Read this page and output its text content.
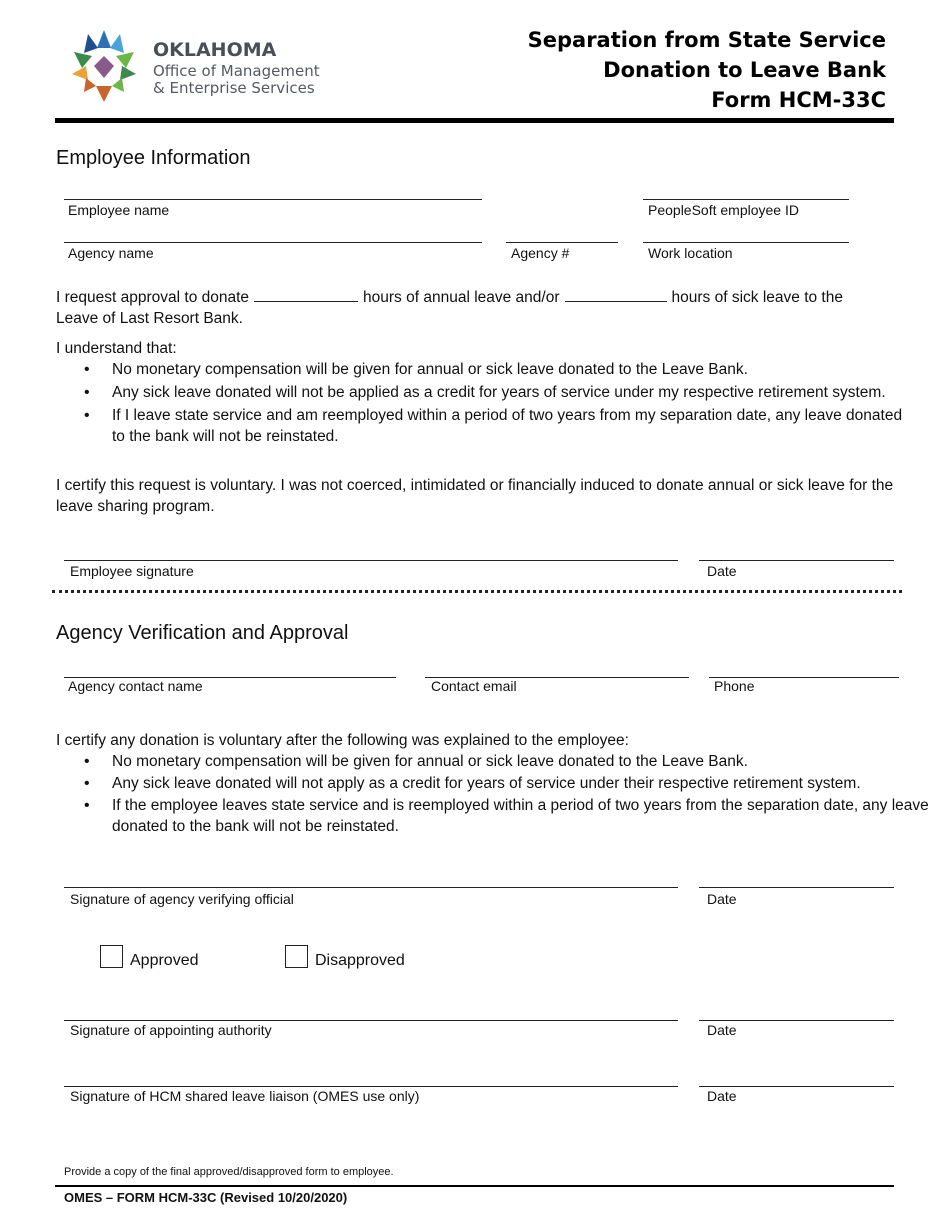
OKLAHOMA
Office of Management
& Enterprise Services
Separation from State Service
Donation to Leave Bank
Form HCM-33C
Employee Information
Employee name	PeopleSoft employee ID
Agency name	Agency #	Work location
I request approval to donate	hours of annual leave and/or	hours of sick leave to the
Leave of Last Resort Bank.
I understand that:
• No monetary compensation will be given for annual or sick leave donated to the Leave Bank.
• Any sick leave donated will not be applied as a credit for years of service under my respective retirement system.
• If I leave state service and am reemployed within a period of two years from my separation date, any leave donated to the bank will not be reinstated.
I certify this request is voluntary. I was not coerced, intimidated or financially induced to donate annual or sick leave for the leave sharing program.
Employee signature	Date
Agency Verification and Approval
Agency contact name	Contact email	Phone
I certify any donation is voluntary after the following was explained to the employee:
• No monetary compensation will be given for annual or sick leave donated to the Leave Bank.
• Any sick leave donated will not apply as a credit for years of service under their respective retirement system.
• If the employee leaves state service and is reemployed within a period of two years from the separation date, any leave donated to the bank will not be reinstated.
Signature of agency verifying official	Date
Approved	Disapproved
Signature of appointing authority	Date
Signature of HCM shared leave liaison (OMES use only)	Date
Provide a copy of the final approved/disapproved form to employee.
OMES – FORM HCM-33C (Revised 10/20/2020)
